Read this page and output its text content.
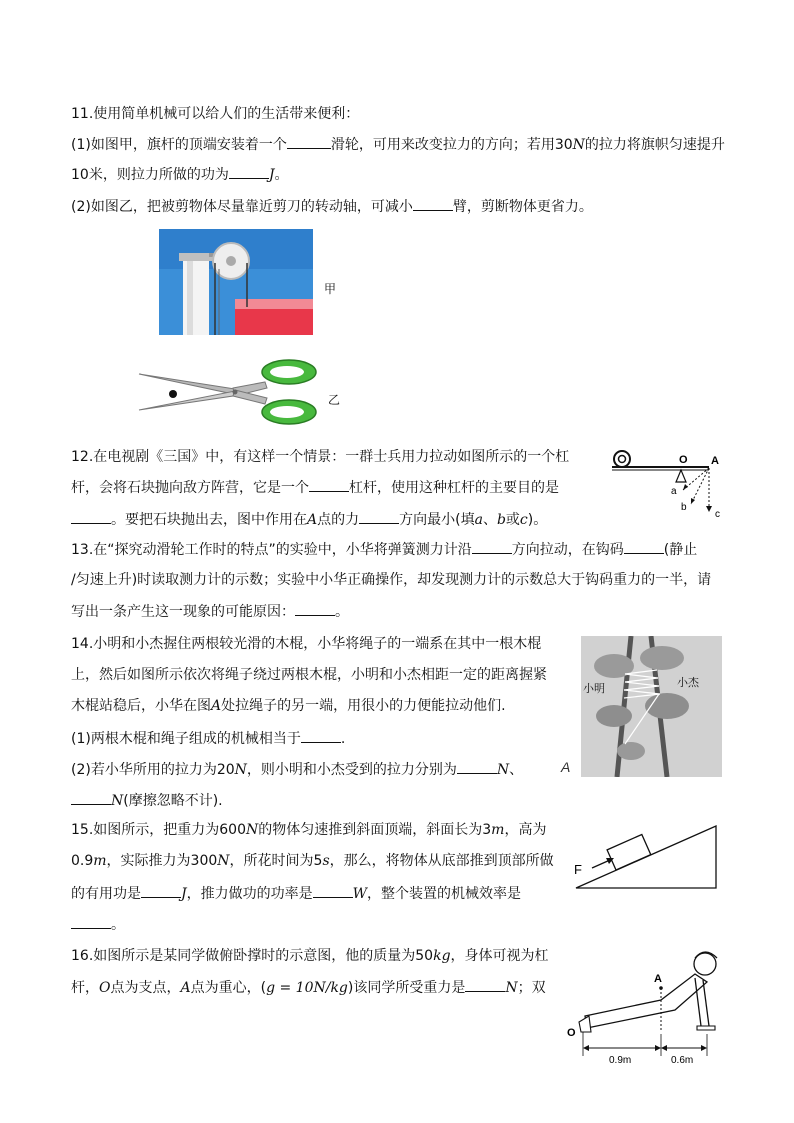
11.使用简单机械可以给人们的生活带来便利：
(1)如图甲，旗杆的顶端安装着一个	滑轮，可用来改变拉力的方向；若用30N的拉力将旗帜匀速提升
10米，则拉力所做的功为	J。
(2)如图乙，把被剪物体尽量靠近剪刀的转动轴，可减小	臂，剪断物体更省力。
甲
乙
12.在电视剧《三国》中，有这样一个情景：一群士兵用力拉动如图所示的一个杠
杆，会将石块抛向敌方阵营，它是一个	杠杆，使用这种杠杆的主要目的是
。要把石块抛出去，图中作用在A点的力	方向最小(填a、b或c)。
O A
a
b
c
13.在“探究动滑轮工作时的特点”的实验中，小华将弹簧测力计沿	方向拉动，在钩码	(静止
/匀速上升)时读取测力计的示数；实验中小华正确操作，却发现测力计的示数总大于钩码重力的一半，请
写出一条产生这一现象的可能原因：	。
14.小明和小杰握住两根较光滑的木棍，小华将绳子的一端系在其中一根木棍
上，然后如图所示依次将绳子绕过两根木棍，小明和小杰相距一定的距离握紧
木棍站稳后，小华在图A处拉绳子的另一端，用很小的力便能拉动他们.
(1)两根木棍和绳子组成的机械相当于	.
(2)若小华所用的拉力为20N，则小明和小杰受到的拉力分别为	N、
N(摩擦忽略不计).
小明	小杰
A
15.如图所示，把重力为600N的物体匀速推到斜面顶端，斜面长为3m，高为
0.9m，实际推力为300N，所花时间为5s，那么，将物体从底部推到顶部所做
的有用功是	J，推力做功的功率是	W，整个装置的机械效率是
。
F
16.如图所示是某同学做俯卧撑时的示意图，他的质量为50kg，身体可视为杠
杆，O点为支点，A点为重心，(g = 10N/kg)该同学所受重力是	N；双
O
A
0.9m	0.6m
